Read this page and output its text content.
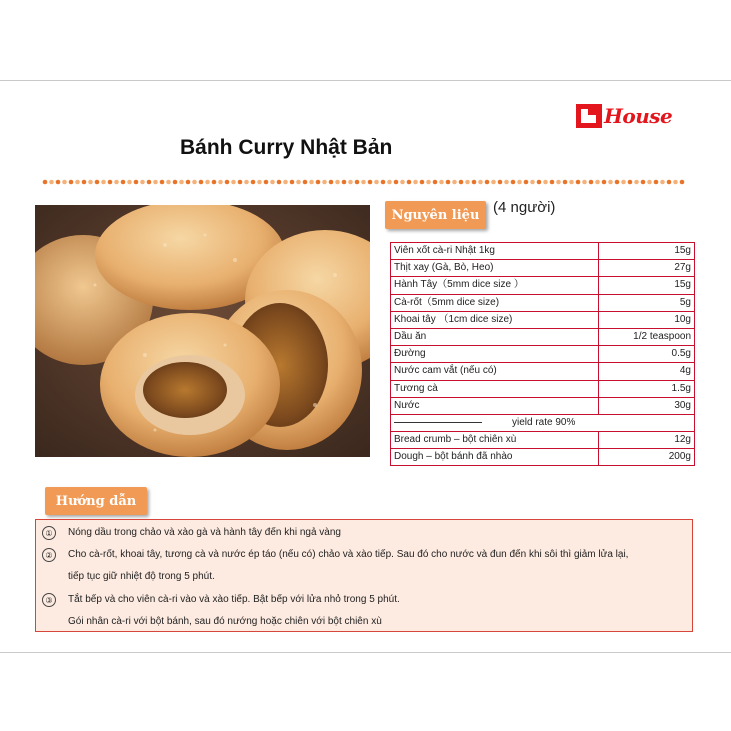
House
Bánh Curry Nhật Bản
Nguyên liệu (4 người)
Viên xốt cà-ri Nhật 1kg	15g
Thịt xay (Gà, Bò, Heo)	27g
Hành Tây（5mm dice size ）	15g
Cà-rốt（5mm dice size)	5g
Khoai tây （1cm dice size)	10g
Dầu ăn	1/2 teaspoon
Đường	0.5g
Nước cam vắt (nếu có)	4g
Tương cà	1.5g
Nước	30g
yield rate 90%	
Bread crumb – bột chiên xù	12g
Dough – bột bánh đã nhào	200g
Hướng dẫn
①	Nóng dầu trong chảo và xào gà và hành tây đến khi ngả vàng
②	Cho cà-rốt, khoai tây, tương cà và nước ép táo (nếu có) chảo và xào tiếp. Sau đó cho nước và đun đến khi sôi thì giảm lửa lại,
tiếp tục giữ nhiệt độ trong 5 phút.
③	Tắt bếp và cho viên cà-ri vào và xào tiếp. Bật bếp với lửa nhỏ trong 5 phút.
Gói nhân cà-ri với bột bánh, sau đó nướng hoặc chiên với bột chiên xù
